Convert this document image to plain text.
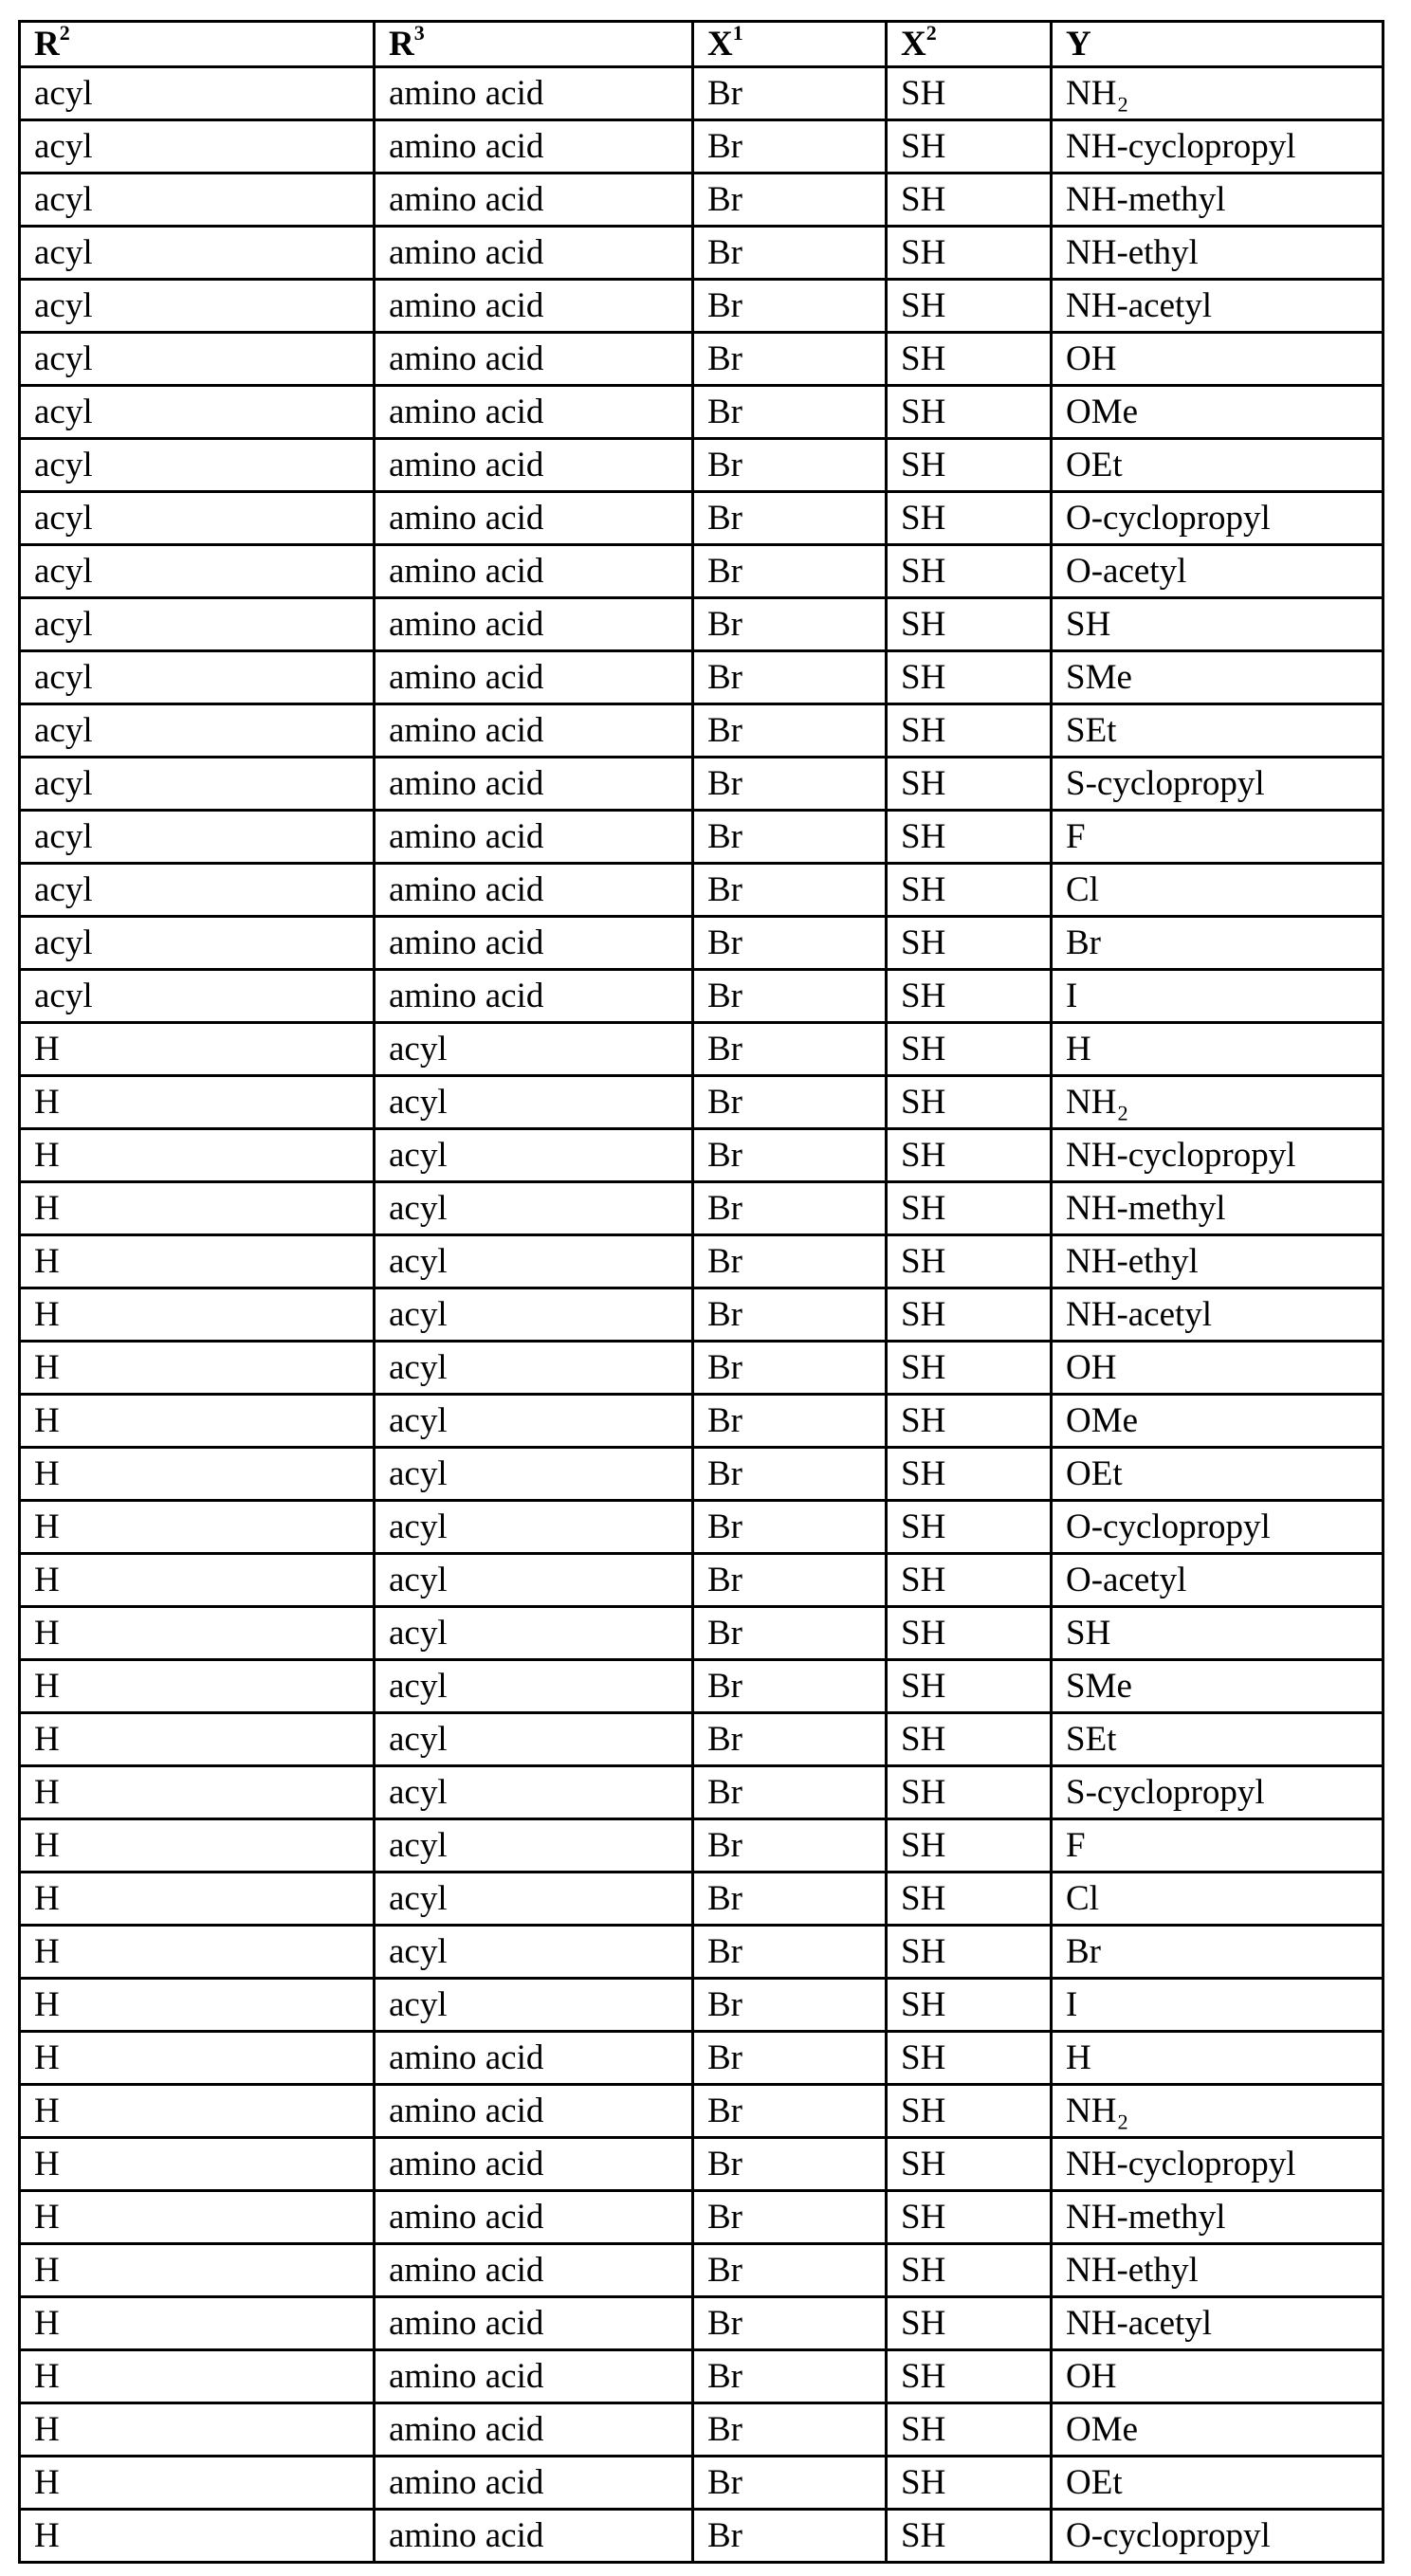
R2	R3	X1	X2	Y
acyl	amino acid	Br	SH	NH₂
acyl	amino acid	Br	SH	NH-cyclopropyl
acyl	amino acid	Br	SH	NH-methyl
acyl	amino acid	Br	SH	NH-ethyl
acyl	amino acid	Br	SH	NH-acetyl
acyl	amino acid	Br	SH	OH
acyl	amino acid	Br	SH	OMe
acyl	amino acid	Br	SH	OEt
acyl	amino acid	Br	SH	O-cyclopropyl
acyl	amino acid	Br	SH	O-acetyl
acyl	amino acid	Br	SH	SH
acyl	amino acid	Br	SH	SMe
acyl	amino acid	Br	SH	SEt
acyl	amino acid	Br	SH	S-cyclopropyl
acyl	amino acid	Br	SH	F
acyl	amino acid	Br	SH	Cl
acyl	amino acid	Br	SH	Br
acyl	amino acid	Br	SH	I
H	acyl	Br	SH	H
H	acyl	Br	SH	NH₂
H	acyl	Br	SH	NH-cyclopropyl
H	acyl	Br	SH	NH-methyl
H	acyl	Br	SH	NH-ethyl
H	acyl	Br	SH	NH-acetyl
H	acyl	Br	SH	OH
H	acyl	Br	SH	OMe
H	acyl	Br	SH	OEt
H	acyl	Br	SH	O-cyclopropyl
H	acyl	Br	SH	O-acetyl
H	acyl	Br	SH	SH
H	acyl	Br	SH	SMe
H	acyl	Br	SH	SEt
H	acyl	Br	SH	S-cyclopropyl
H	acyl	Br	SH	F
H	acyl	Br	SH	Cl
H	acyl	Br	SH	Br
H	acyl	Br	SH	I
H	amino acid	Br	SH	H
H	amino acid	Br	SH	NH₂
H	amino acid	Br	SH	NH-cyclopropyl
H	amino acid	Br	SH	NH-methyl
H	amino acid	Br	SH	NH-ethyl
H	amino acid	Br	SH	NH-acetyl
H	amino acid	Br	SH	OH
H	amino acid	Br	SH	OMe
H	amino acid	Br	SH	OEt
H	amino acid	Br	SH	O-cyclopropyl
